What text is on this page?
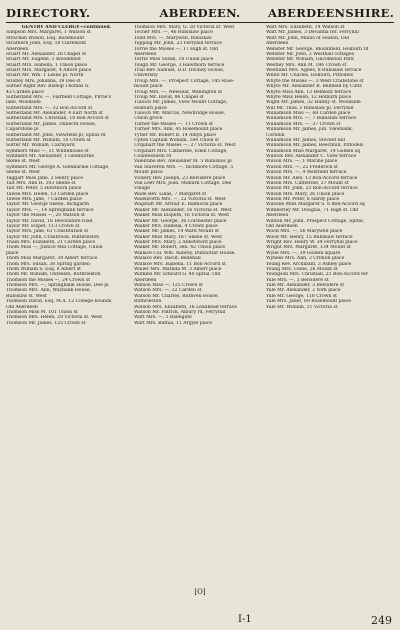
DIRECTORY.	ABERDEEN.	ABERDEENSHIRE.
GENTRY AND CLERGY—continued.
Simpson Mrs. Margaret, 1 Watson st
Strachan Wilson, Esq. Rosemount
Strathern John, Esq. 10 Claremont
Aberdeen
Stuart Mr. Alexander, 26 Chapel st
Stuart Mr. Eugene, 1 Bloomfield
Stuart Mrs. Isabella, 1 Union place
Stuart Mrs. Margaret, 4 Alford place
Stuart Mr. Wm. 1 Leslie pl. North
Studley Mrs. Johanna, 39 Dee st
Suther Right Rev. Bishop Thomas G.
43 Carden place
Sutherland Mrs. —, Fairfield Cottage, Pirrie's
lane, Woodside
Sutherland Mrs. —, 32 Bon-Accord st
Sutherland Mr. Alexander, 4 Earl North st
Sutherland Mrs. Christian, 18 Bon-Accord st
Sutherland Mr. James, Dunecht House,
Cuparstone pl
Sutherland Mr. John, Viewfield pl, Spital rd
Sutherland Mr. William, 10 Crown st
Sutter Mr. William, Cairnyard
Symmers Miss —, 11 Whitehouse st
Symmers Mr. Alexander, 1 Glenburnie
Skene st. West
Symmers Mr. George A. Glenburnie Cottage,
Skene st. West
Taggart Miss Jane, 2 Henry place
Tait Mrs. Ann H. 103 Skene st
Tait Mr. Peter, 5 Hawthorn place
Tawse Mrs. Helen, 13 Carden place
Tawse Mrs. Jane, 7 Carden place
Taylor Mr. George Skene, Inchgarth
Taylor Mrs. —, 14 Springbank terrace
Taylor the Misses —, 20 Watson st
Taylor Mr. David, 16 Devonshire road
Taylor Mr. Elspet, 113 Crown st
Taylor Mrs. Jane, 61 Constitution st
Taylor Mr. John, Cranbrook, Ruthrieston
Thain Mrs. Elizabeth, 21 Carden place
Thom Miss —, Justice Mill Cottage, Union
place
Thom Miss Margaret, 39 Albert terrace
Thom Mrs. Susan, 38 Spring garden
Thom William S. Esq. 8 Albert st
Thom Mr. William, Outseats, Ruthrieston
Thomson the Misses —, 24 Crown st
Thomson Mrs. —, Springbank House, Dee pl
Thomson Mrs. Ann, Waybank House,
Rubislaw st. West
Thomson David, Esq. M.A. 12 College bounds,
Old Aberdeen
Thomson Miss M. 101 Union st
Thomson Mrs. Helen, 29 Victoria st. West
Thomson Mr. James, 125 Crown st
Thomson Mrs. Mary, G. 28 Victoria st. West
Tocher Mrs. —, 46 Rubislaw place
Todd Mrs. —, Marywell, Rubislaw
Topping Mr. John, 23 Ferryhill terrace
Torrie the Misses —, 17 High st. Old
Aberdeen
Torrie Miss Susan, 18 Union place
Tough Mr. George, 3 Hawthorn terrace
Trail Rev. Samuel, D.D. Divinity House,
University
Troup Mrs. —, Prospect Cottage, 145 Rose-
mount place
Troup Mrs. —, Newseat, Wellington st
Troup Mr. David, 86 Chapel st
Tulloch Mr. James, View Mount Cottage,
Holburn place
Tulloch Mr. Marcus, Newbridge House,
Union grove
Turner the Misses —, 11 Crown st
Turner Mrs. Ann, 45 Rosemount place
Tytler Mr. Robert B. 14 Albyn place
Upton Captain William, 184 Union st
Urquhart the Misses —, 27 Victoria st. West
Urquhart Mrs. Catherine, Eden Cottage,
Countesswell rd
Valentine Rev. Alexander M. 5 Rubislaw pl
Van Staveren Mrs. —, Inchmore Cottage, 5
Mount place
Vickery Rev. Joseph, 23 Belvidere place
Von Leer Mrs. Jean, Milburn Cottage, Dee
Village
Wade Rev. Lilias, 7 Margaret st
Wadsworth Mrs. —, 22 Victoria st. West
Wagstaff Mr. Arthur E. Balmoral place
Walker Mr. Alexander, 16 Victoria st. West
Walker Miss Elspeth, 16 Victoria st. West
Walker Mr. George, 36 Colchester place
Walker Mrs. Isabella, 4 Crown place
Walker Mr. James, 14 Ward Mount st
Walker Miss Mary, 167 Skene st. West
Walker Mrs. Mary, 2 Abbotsford place
Walker Mr. Robert, sen. 42 Union place
Wallace Col. Wm. Aubrey, Dunnottar House,
Wallace Rev. David, Bedehall
Wallace Mrs. Isabella, 11 Bon-Accord st
Waller Mrs. Matilda M. 3 Albert place
Watkins Mr. Edward G. 40 Spital, Old
Aberdeen
Watson Miss —, 125 Crown st
Watson Mrs. —, 22 Carden st
Watson Mr. Charles, Ruthven House,
Ruthrieston
Watson Mrs. Elizabeth, 16 Leadhead terrace
Watson Mr. Patrick, Albury rd, Ferryhill
Watt Mrs. —, 1 Ballegate
Watt Mrs. Bathia, 11 Argyle place
Watt Mrs. Elizabeth, 14 Watson st
Watt Mr. James, 3 Devanha ter. Ferryhill
Watt Mr. John, Mains of Seaton, Old
Aberdeen
Webster Mr. George, Bloomfield, Holburn rd
Webster Mr. John, 2 Westhall cottages
Webster Mr. William, Gilcomston Park
Westley Mrs. Ann M. 186 Crown st
Westland Mrs. Agnes, 8 Rubislaw terrace
White Mr. Charles, Holburn, Pitfodels
Whyte the Misses —, 3 West Craibstone st
Whyte Mr. Alexander B. Bellfield by Cults
Whyte Miss Ann, 13 Belmont terrace
Whyte Miss Helen, 12 Holburn place
Wight Mr. James, 32 Huntly st. Woodside
Will Mr. Thos. 1 Rubislaw pl. Ferryhill
Williamson Miss —, 68 Carden place
Williamson Mrs. —, 7 Rubislaw terrace
Williamson Mrs. —, 37 Crown st
Williamson Mr. James, jun. Viewbank,
Cornhill
Williamson Mr. James, Stocket hill
Williamson Mr. James, Beechhill, Pitfodels
Williamson Miss Margaret, 14 Golden sq
Willock Rev. Alexander C. View terrace
Wilson Mrs. —, 1 Marine place
Wilson Mrs. —, 22 Frederick st
Wilson Mrs. —, 4 Westfield terrace
Wilson Mr. Alex. 13 Bon-Accord terrace
Wilson Mrs. Catherine, 37 Mount st
Wilson Mr. John, 23 Bon-Accord terrace
Wilson Mrs. Mary, 26 Union place
Wilson Mr. Peter, 8 Hardy place
Wilsone Miss Margaret S. 8 Bon-Accord sq
Wimberley Mr. Douglas, 71 High st. Old
Aberdeen
Winton Mr. John, Prospect Cottage, Spital,
Old Aberdeen
Wood Mrs. —, 56 Marywell place
Wood Mr. Henry, 15 Rubislaw terrace
Wright Rev. Henry W. 34 Ferryhill place
Wright Mrs. Margaret, 134 Mount st
Wylie Mrs. —, 39 Golden square
Wyness Mrs. Ann, 2 Crimon place
Young Rev. Archibald, 3 Ashley place
Young Mrs. Cellie, 26 Mount st
Youngson Mrs. Christian, 21 Bon-Accord ter
Yule Mrs. —, 3 Belvidere st
Yule Mr. Alexander, 3 Belvidere st
Yule Mr. Alexander, 2 York place
Yule Mr. George, 118 Crown st
Yule Mrs. Janet, 69 Rosemount place
Yule Mr. William, 11 Victoria st
[O]
I-1	249
